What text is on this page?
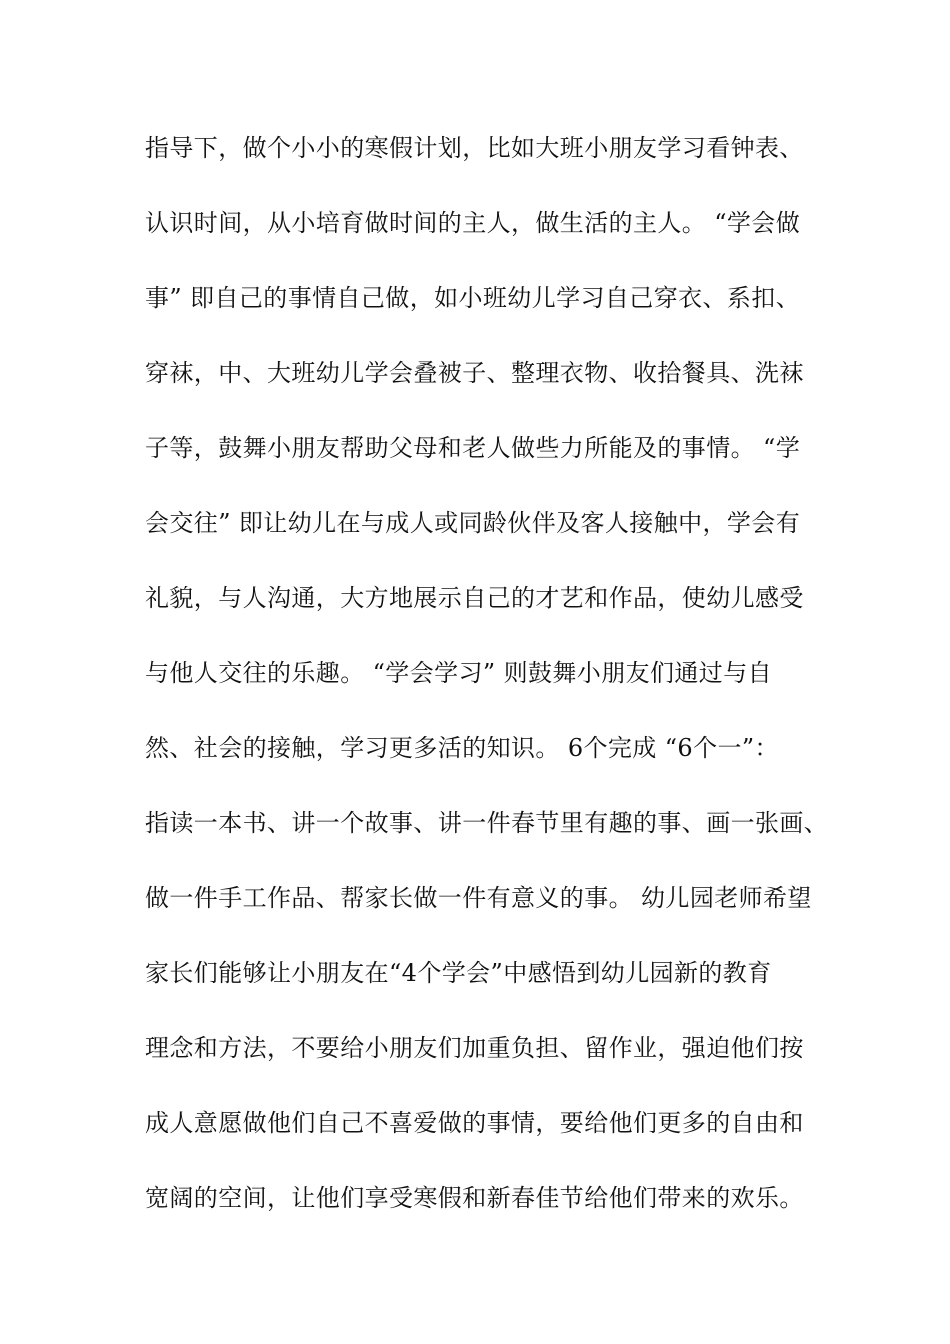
指导下，做个小小的寒假计划，比如大班小朋友学习看钟表、
认识时间，从小培育做时间的主人，做生活的主人。 “学会做
事” 即自己的事情自己做，如小班幼儿学习自己穿衣、系扣、
穿袜，中、大班幼儿学会叠被子、整理衣物、收拾餐具、洗袜
子等，鼓舞小朋友帮助父母和老人做些力所能及的事情。 “学
会交往” 即让幼儿在与成人或同龄伙伴及客人接触中，学会有
礼貌，与人沟通，大方地展示自己的才艺和作品，使幼儿感受
与他人交往的乐趣。 “学会学习” 则鼓舞小朋友们通过与自
然、社会的接触，学习更多活的知识。 6个完成 “6个一”：
指读一本书、讲一个故事、讲一件春节里有趣的事、画一张画、
做一件手工作品、帮家长做一件有意义的事。 幼儿园老师希望
家长们能够让小朋友在“4个学会”中感悟到幼儿园新的教育
理念和方法，不要给小朋友们加重负担、留作业，强迫他们按
成人意愿做他们自己不喜爱做的事情，要给他们更多的自由和
宽阔的空间，让他们享受寒假和新春佳节给他们带来的欢乐。
